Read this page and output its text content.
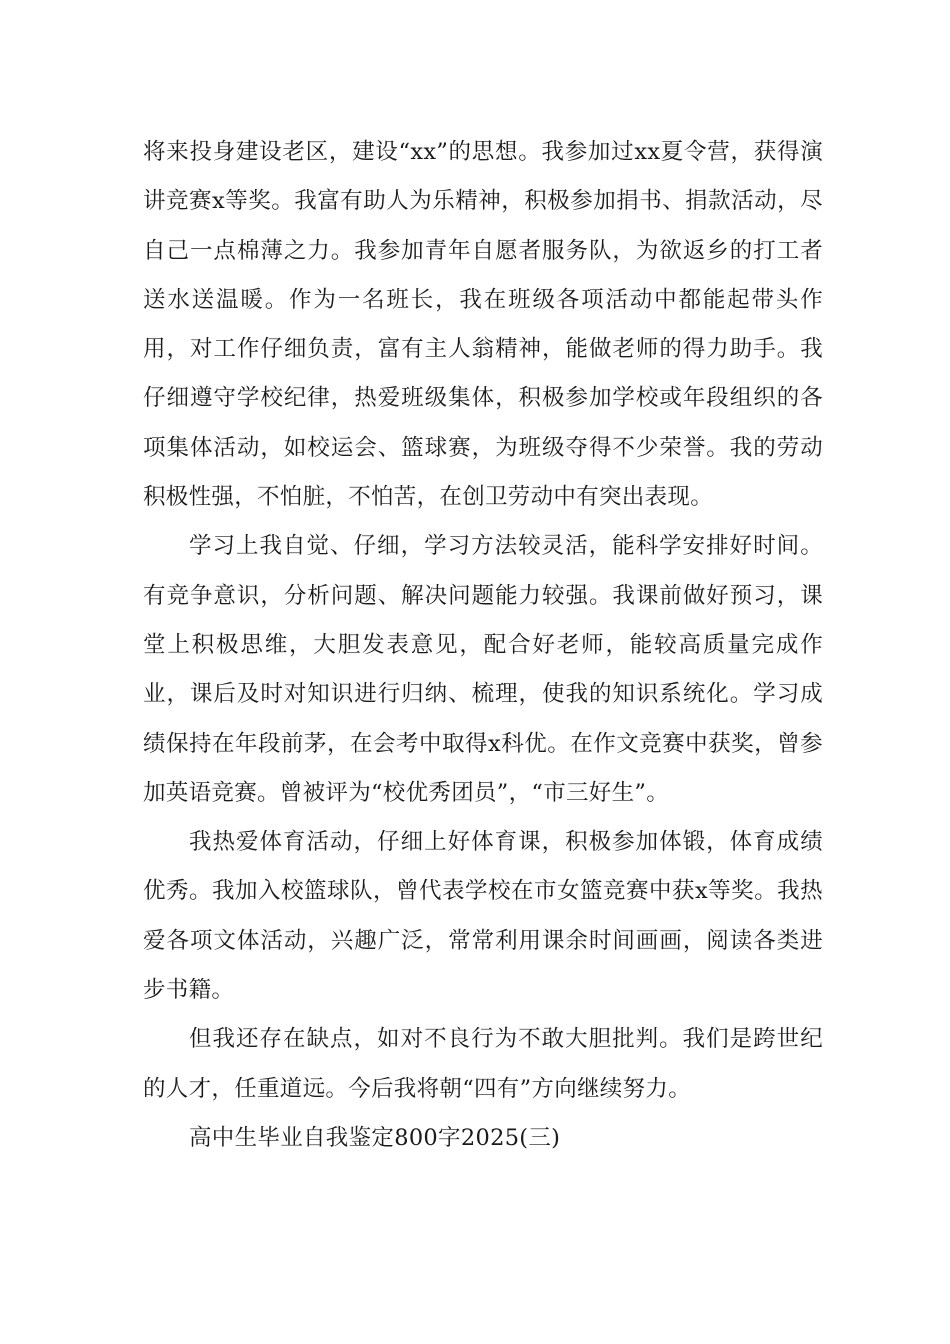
将来投身建设老区，建设“xx”的思想。我参加过xx夏令营，获得演讲竞赛x等奖。我富有助人为乐精神，积极参加捐书、捐款活动，尽自己一点棉薄之力。我参加青年自愿者服务队，为欲返乡的打工者送水送温暖。作为一名班长，我在班级各项活动中都能起带头作用，对工作仔细负责，富有主人翁精神，能做老师的得力助手。我仔细遵守学校纪律，热爱班级集体，积极参加学校或年段组织的各项集体活动，如校运会、篮球赛，为班级夺得不少荣誉。我的劳动积极性强，不怕脏，不怕苦，在创卫劳动中有突出表现。

学习上我自觉、仔细，学习方法较灵活，能科学安排好时间。有竞争意识，分析问题、解决问题能力较强。我课前做好预习，课堂上积极思维，大胆发表意见，配合好老师，能较高质量完成作业，课后及时对知识进行归纳、梳理，使我的知识系统化。学习成绩保持在年段前茅，在会考中取得x科优。在作文竞赛中获奖，曾参加英语竞赛。曾被评为“校优秀团员”，“市三好生”。

我热爱体育活动，仔细上好体育课，积极参加体锻，体育成绩优秀。我加入校篮球队，曾代表学校在市女篮竞赛中获x等奖。我热爱各项文体活动，兴趣广泛，常常利用课余时间画画，阅读各类进步书籍。

但我还存在缺点，如对不良行为不敢大胆批判。我们是跨世纪的人才，任重道远。今后我将朝“四有”方向继续努力。

高中生毕业自我鉴定800字2025(三)
